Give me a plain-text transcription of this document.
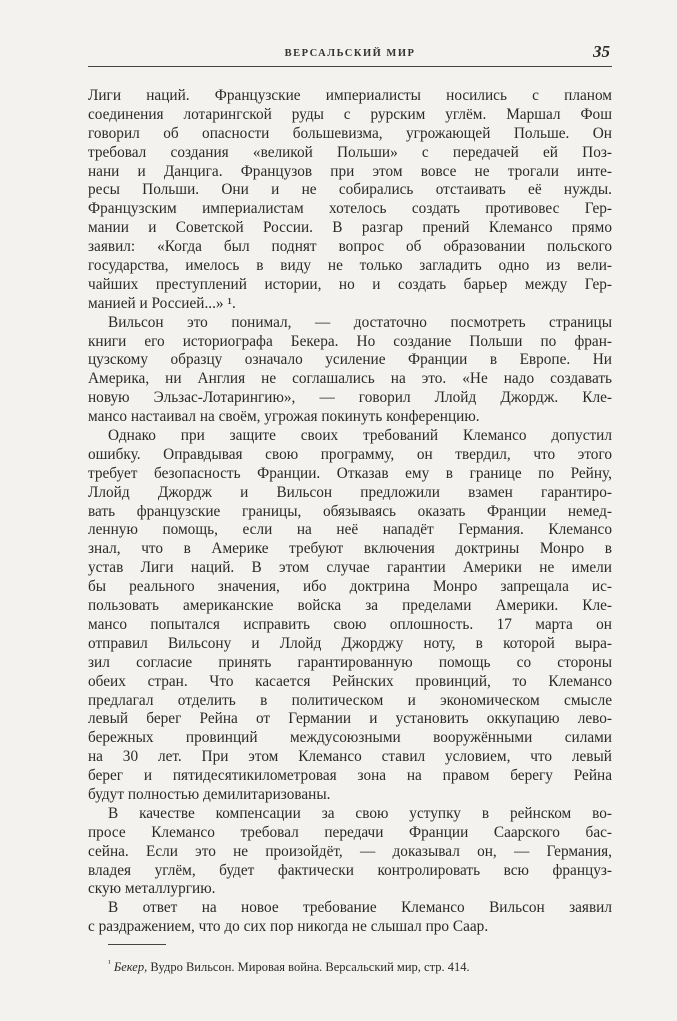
ВЕРСАЛЬСКИЙ МИР	35
Лиги наций. Французские империалисты носились с планом
соединения лотарингской руды с рурским углём. Маршал Фош
говорил об опасности большевизма, угрожающей Польше. Он
требовал создания «великой Польши» с передачей ей Поз-
нани и Данцига. Французов при этом вовсе не трогали инте-
ресы Польши. Они и не собирались отстаивать её нужды.
Французским империалистам хотелось создать противовес Гер-
мании и Советской России. В разгар прений Клемансо прямо
заявил: «Когда был поднят вопрос об образовании польского
государства, имелось в виду не только загладить одно из вели-
чайших преступлений истории, но и создать барьер между Гер-
манией и Россией...» ¹.
Вильсон это понимал, — достаточно посмотреть страницы
книги его историографа Бекера. Но создание Польши по фран-
цузскому образцу означало усиление Франции в Европе. Ни
Америка, ни Англия не соглашались на это. «Не надо создавать
новую Эльзас-Лотарингию», — говорил Ллойд Джордж. Кле-
мансо настаивал на своём, угрожая покинуть конференцию.
Однако при защите своих требований Клемансо допустил
ошибку. Оправдывая свою программу, он твердил, что этого
требует безопасность Франции. Отказав ему в границе по Рейну,
Ллойд Джордж и Вильсон предложили взамен гарантиро-
вать французские границы, обязываясь оказать Франции немед-
ленную помощь, если на неё нападёт Германия. Клемансо
знал, что в Америке требуют включения доктрины Монро в
устав Лиги наций. В этом случае гарантии Америки не имели
бы реального значения, ибо доктрина Монро запрещала ис-
пользовать американские войска за пределами Америки. Кле-
мансо попытался исправить свою оплошность. 17 марта он
отправил Вильсону и Ллойд Джорджу ноту, в которой выра-
зил согласие принять гарантированную помощь со стороны
обеих стран. Что касается Рейнских провинций, то Клемансо
предлагал отделить в политическом и экономическом смысле
левый берег Рейна от Германии и установить оккупацию лево-
бережных провинций междусоюзными вооружёнными силами
на 30 лет. При этом Клемансо ставил условием, что левый
берег и пятидесятикилометровая зона на правом берегу Рейна
будут полностью демилитаризованы.
В качестве компенсации за свою уступку в рейнском во-
просе Клемансо требовал передачи Франции Саарского бас-
сейна. Если это не произойдёт, — доказывал он, — Германия,
владея углём, будет фактически контролировать всю француз-
скую металлургию.
В ответ на новое требование Клемансо Вильсон заявил
с раздражением, что до сих пор никогда не слышал про Саар.
$^{^1}$ Бекер, Вудро Вильсон. Мировая война. Версальский мир, стр. 414.
